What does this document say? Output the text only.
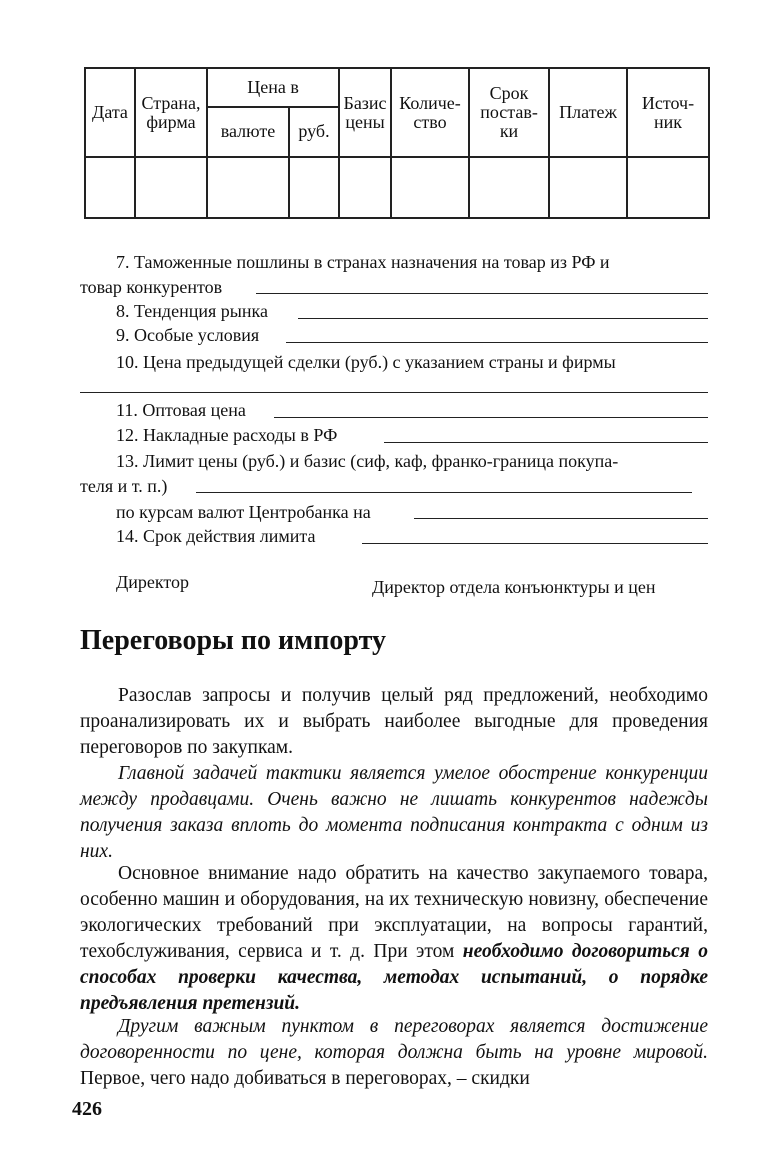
Дата	Страна, фирма	Цена в		Базис цены	Количе-ство	Срок постав-ки	Платеж	Источ-ник
		валюте	руб.					

7. Таможенные пошлины в странах назначения на товар из РФ и
товар конкурентов
8. Тенденция рынка
9. Особые условия
10. Цена предыдущей сделки (руб.) с указанием страны и фирмы
11. Оптовая цена
12. Накладные расходы в РФ
13. Лимит цены (руб.) и базис (сиф, каф, франко-граница покупа-
теля и т. п.)
по курсам валют Центробанка на
14. Срок действия лимита
Директор	Директор отдела конъюнктуры и цен
Переговоры по импорту

Разослав запросы и получив целый ряд предложений, необходимо проанализировать их и выбрать наиболее выгодные для проведения переговоров по закупкам.

Главной задачей тактики является умелое обострение конкуренции между продавцами. Очень важно не лишать конкурентов надежды получения заказа вплоть до момента подписания контракта с одним из них.

Основное внимание надо обратить на качество закупаемого товара, особенно машин и оборудования, на их техническую новизну, обеспечение экологических требований при эксплуатации, на вопросы гарантий, техобслуживания, сервиса и т. д. При этом необходимо договориться о способах проверки качества, методах испытаний, о порядке предъявления претензий.

Другим важным пунктом в переговорах является достижение договоренности по цене, которая должна быть на уровне мировой. Первое, чего надо добиваться в переговорах, – скидки

426
